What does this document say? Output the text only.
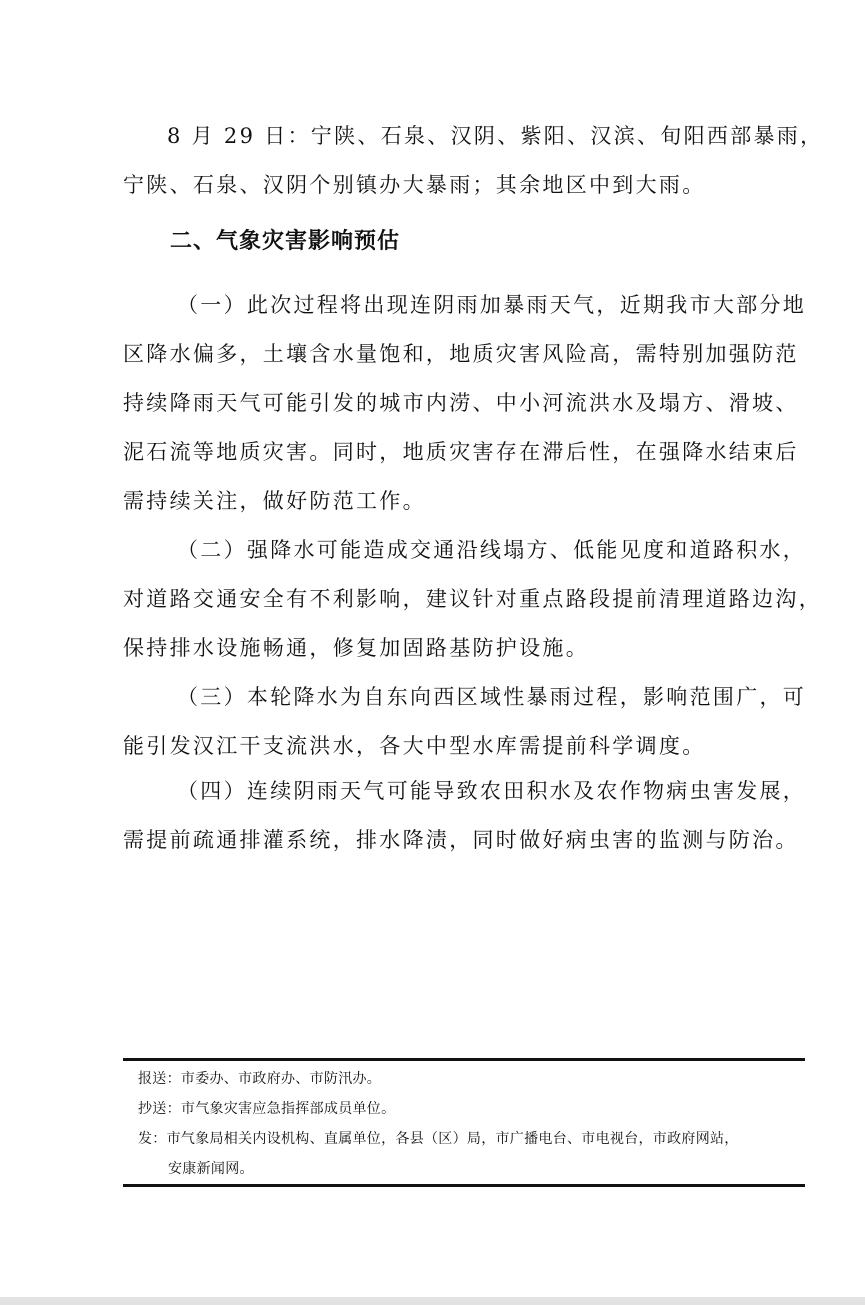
8 月 29 日：宁陕、石泉、汉阴、紫阳、汉滨、旬阳西部暴雨，
宁陕、石泉、汉阴个别镇办大暴雨；其余地区中到大雨。

二、气象灾害影响预估

（一）此次过程将出现连阴雨加暴雨天气，近期我市大部分地
区降水偏多，土壤含水量饱和，地质灾害风险高，需特别加强防范
持续降雨天气可能引发的城市内涝、中小河流洪水及塌方、滑坡、
泥石流等地质灾害。同时，地质灾害存在滞后性，在强降水结束后
需持续关注，做好防范工作。

（二）强降水可能造成交通沿线塌方、低能见度和道路积水，
对道路交通安全有不利影响，建议针对重点路段提前清理道路边沟，
保持排水设施畅通，修复加固路基防护设施。

（三）本轮降水为自东向西区域性暴雨过程，影响范围广，可
能引发汉江干支流洪水，各大中型水库需提前科学调度。

（四）连续阴雨天气可能导致农田积水及农作物病虫害发展，
需提前疏通排灌系统，排水降渍，同时做好病虫害的监测与防治。

报送：市委办、市政府办、市防汛办。
抄送：市气象灾害应急指挥部成员单位。
发：市气象局相关内设机构、直属单位，各县（区）局，市广播电台、市电视台，市政府网站，
安康新闻网。
